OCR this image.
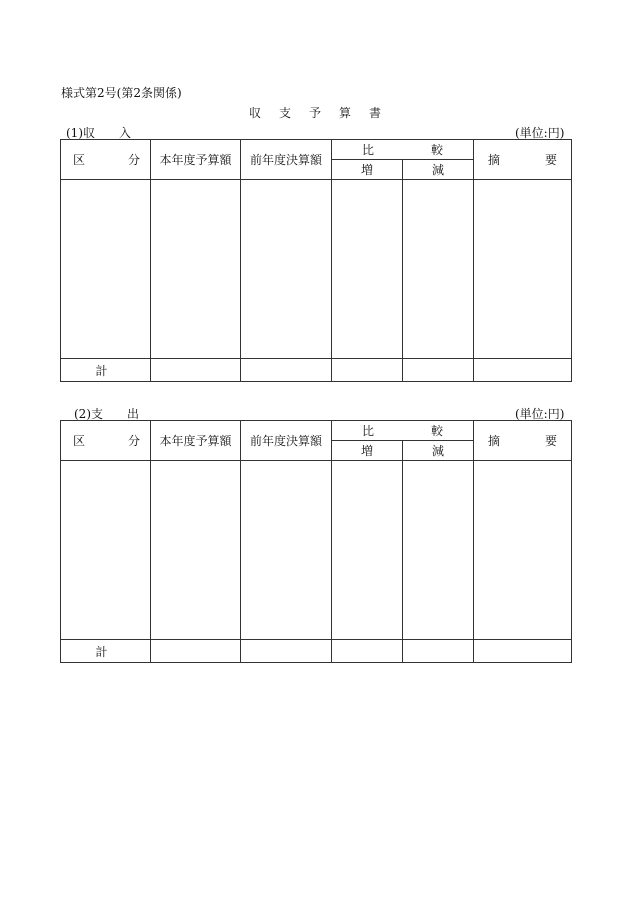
様式第2号(第2条関係)
収 支 予 算 書
(1)収 入	(単位:円)
区 分	本年度予算額	前年度決算額	比 較		摘 要

			増	減	

計					
(2)支 出	(単位:円)
区 分	本年度予算額	前年度決算額	比 較		摘 要

			増	減	

計					
